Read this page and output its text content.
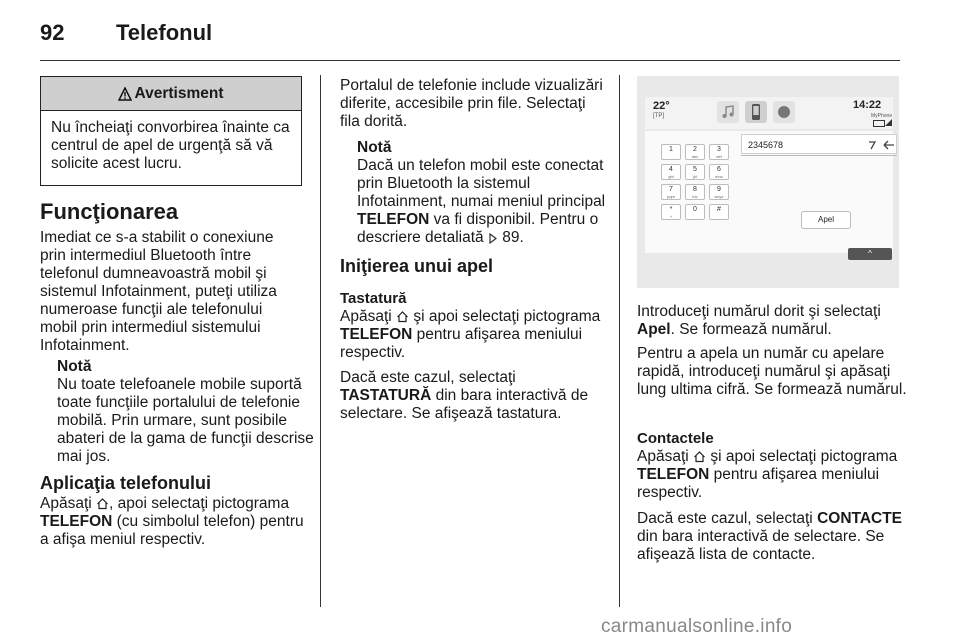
92 Telefonul
Avertisment
Nu încheiaţi convorbirea înainte ca centrul de apel de urgenţă să vă solicite acest lucru.
Funcţionarea
Imediat ce s-a stabilit o conexiune prin intermediul Bluetooth între telefonul dumneavoastră mobil şi sistemul Infotainment, puteţi utiliza numeroase funcţii ale telefonului mobil prin intermediul sistemului Infotainment.

Notă

Nu toate telefoanele mobile suportă toate funcţiile portalului de telefonie mobilă. Prin urmare, sunt posibile abateri de la gama de funcţii descrise mai jos.

Aplicaţia telefonului
Apăsaţi , apoi selectaţi pictograma TELEFON (cu simbolul telefon) pentru a afişa meniul respectiv.
Portalul de telefonie include vizualizări diferite, accesibile prin file. Selectaţi fila dorită.

Notă

Dacă un telefon mobil este conectat prin Bluetooth la sistemul Infotainment, numai meniul principal TELEFON va fi disponibil. Pentru o descriere detaliată 89.

Iniţierea unui apel
Tastatură
Apăsaţi  şi apoi selectaţi pictograma TELEFON pentru afişarea meniului respectiv.
Dacă este cazul, selectaţi TASTATURĂ din bara interactivă de selectare. Se afişează tastatura.
22°
[TP]
14:22
MyPhone
2345678
1	2
abc
3
def
4
ghi
5
jkl
6
mno
7
pqrs
8
tuv
9
wxyz
*
+
0	#
Apel
^
Introduceţi numărul dorit şi selectaţi Apel. Se formează numărul.
Pentru a apela un număr cu apelare rapidă, introduceţi numărul şi apăsaţi lung ultima cifră. Se formează numărul.
Contactele
Apăsaţi  şi apoi selectaţi pictograma TELEFON pentru afişarea meniului respectiv.
Dacă este cazul, selectaţi CONTACTE din bara interactivă de selectare. Se afişează lista de contacte.
carmanualsonline.info
